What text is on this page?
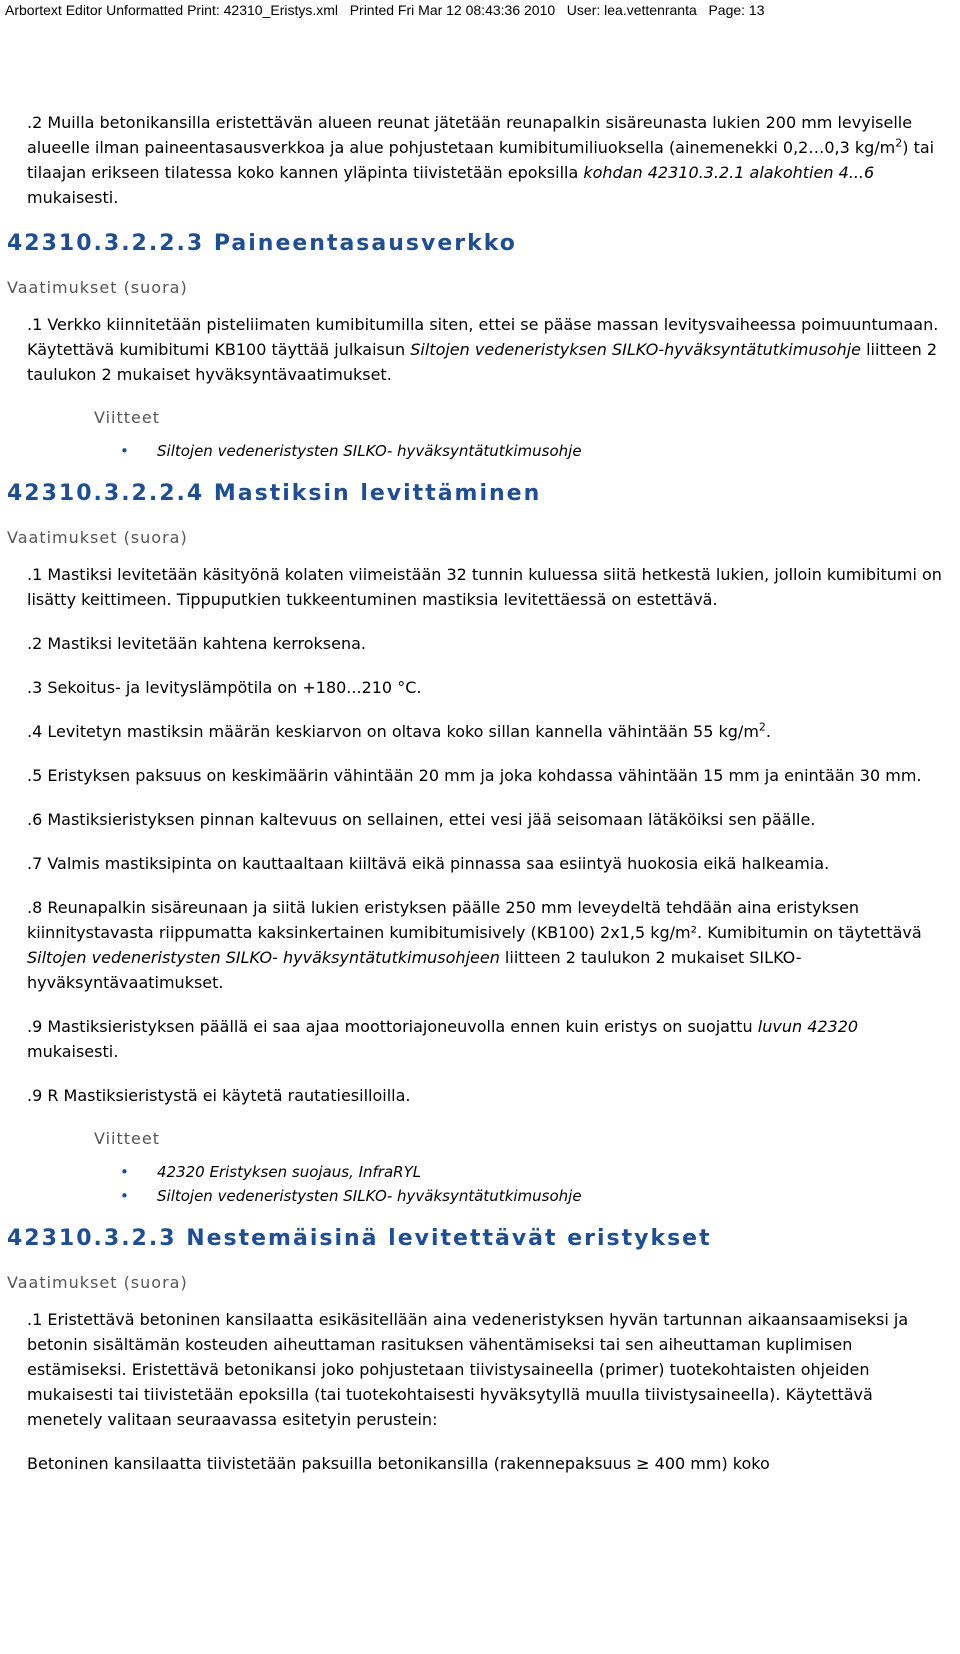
Arbortext Editor Unformatted Print: 42310_Eristys.xml   Printed Fri Mar 12 08:43:36 2010   User: lea.vettenranta   Page: 13

.2 Muilla betonikansilla eristettävän alueen reunat jätetään reunapalkin sisäreunasta lukien 200 mm levyiselle alueelle ilman paineentasausverkkoa ja alue pohjustetaan kumibitumiliuoksella (ainemenekki 0,2…0,3 $kg/m^2$) tai tilaajan erikseen tilatessa koko kannen yläpinta tiivistetään epoksilla kohdan 42310.3.2.1 alakohtien 4...6 mukaisesti.

42310.3.2.2.3 Paineentasausverkko
Vaatimukset (suora)

.1 Verkko kiinnitetään pisteliimaten kumibitumilla siten, ettei se pääse massan levitysvaiheessa poimuuntumaan. Käytettävä kumibitumi KB100 täyttää julkaisun Siltojen vedeneristyksen SILKO-hyväksyntätutkimusohje liitteen 2 taulukon 2 mukaiset hyväksyntävaatimukset.

Viitteet
• Siltojen vedeneristysten SILKO- hyväksyntätutkimusohje
42310.3.2.2.4 Mastiksin levittäminen
Vaatimukset (suora)

.1 Mastiksi levitetään käsityönä kolaten viimeistään 32 tunnin kuluessa siitä hetkestä lukien, jolloin kumibitumi on lisätty keittimeen. Tippuputkien tukkeentuminen mastiksia levitettäessä on estettävä.

.2 Mastiksi levitetään kahtena kerroksena.

.3 Sekoitus- ja levityslämpötila on +180...210 °C.

.4 Levitetyn mastiksin määrän keskiarvon on oltava koko sillan kannella vähintään 55 $kg/m^2$.

.5 Eristyksen paksuus on keskimäärin vähintään 20 mm ja joka kohdassa vähintään 15 mm ja enintään 30 mm.

.6 Mastiksieristyksen pinnan kaltevuus on sellainen, ettei vesi jää seisomaan lätäköiksi sen päälle.

.7 Valmis mastiksipinta on kauttaaltaan kiiltävä eikä pinnassa saa esiintyä huokosia eikä halkeamia.

.8 Reunapalkin sisäreunaan ja siitä lukien eristyksen päälle 250 mm leveydeltä tehdään aina eristyksen kiinnitystavasta riippumatta kaksinkertainen kumibitumisively (KB100) 2x1,5 kg/m². Kumibitumin on täytettävä Siltojen vedeneristysten SILKO- hyväksyntätutkimusohjeen liitteen 2 taulukon 2 mukaiset SILKO-hyväksyntävaatimukset.

.9 Mastiksieristyksen päällä ei saa ajaa moottoriajoneuvolla ennen kuin eristys on suojattu luvun 42320 mukaisesti.

.9 R Mastiksieristystä ei käytetä rautatiesilloilla.

Viitteet
• 42320 Eristyksen suojaus, InfraRYL
• Siltojen vedeneristysten SILKO- hyväksyntätutkimusohje
42310.3.2.3 Nestemäisinä levitettävät eristykset
Vaatimukset (suora)

.1 Eristettävä betoninen kansilaatta esikäsitellään aina vedeneristyksen hyvän tartunnan aikaansaamiseksi ja betonin sisältämän kosteuden aiheuttaman rasituksen vähentämiseksi tai sen aiheuttaman kuplimisen estämiseksi. Eristettävä betonikansi joko pohjustetaan tiivistysaineella (primer) tuotekohtaisten ohjeiden mukaisesti tai tiivistetään epoksilla (tai tuotekohtaisesti hyväksytyllä muulla tiivistysaineella). Käytettävä menetely valitaan seuraavassa esitetyin perustein:

Betoninen kansilaatta tiivistetään paksuilla betonikansilla (rakennepaksuus ≥ 400 mm) koko
